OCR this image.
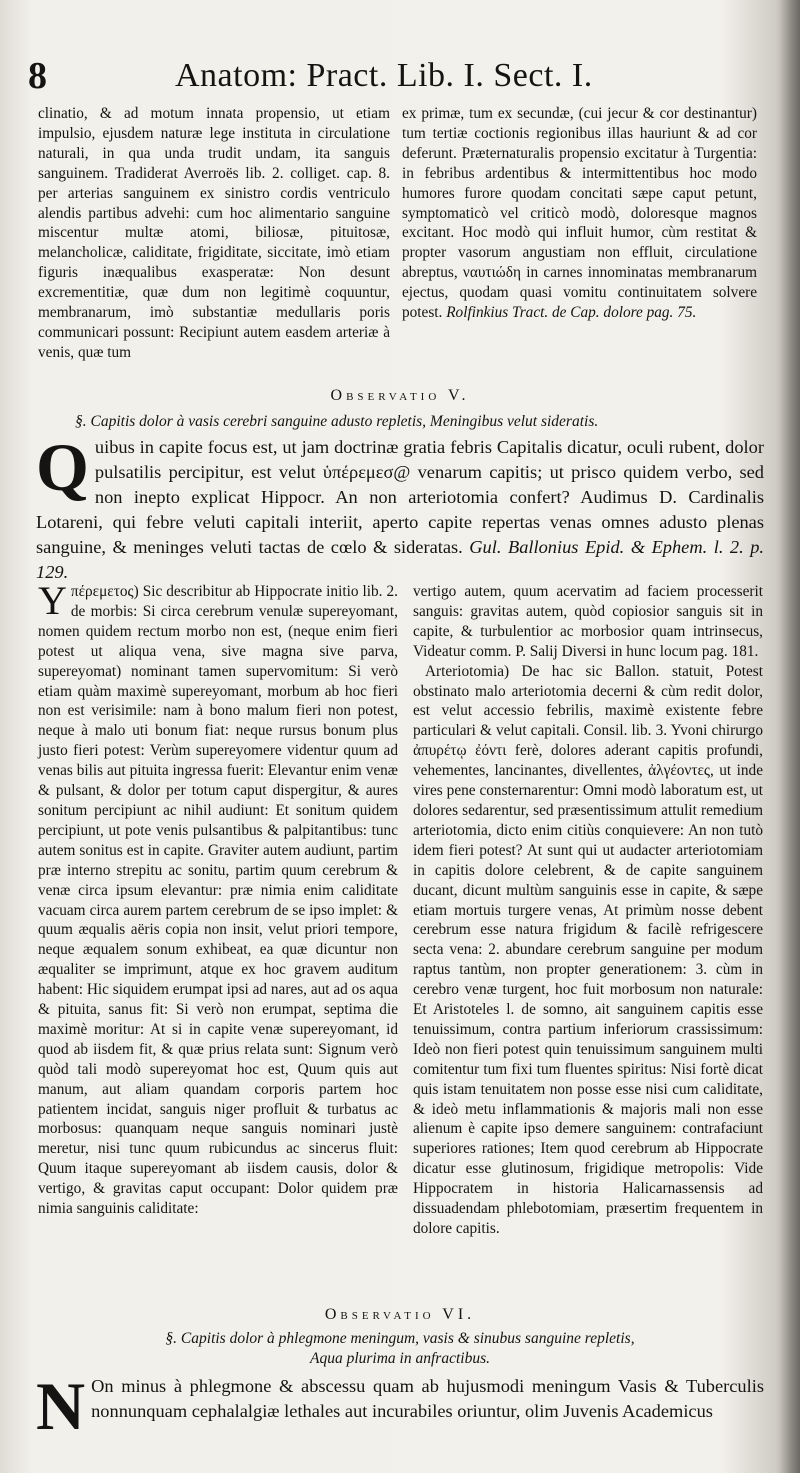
8	Anatom: Pract. Lib. I. Sect. I.

clinatio, & ad motum innata propensio, ut etiam impulsio, ejusdem naturæ lege instituta in circulatione naturali, in qua unda trudit undam, ita sanguis sanguinem. Tradiderat Averroës lib. 2. colliget. cap. 8. per arterias sanguinem ex sinistro cordis ventriculo alendis partibus advehi: cum hoc alimentario sanguine miscentur multæ atomi, biliosæ, pituitosæ, melancholicæ, caliditate, frigiditate, siccitate, imò etiam figuris inæqualibus exasperatæ: Non desunt excrementitiæ, quæ dum non legitimè coquuntur, membranarum, imò substantiæ medullaris poris communicari possunt: Recipiunt autem easdem arteriæ à venis, quæ tum

ex primæ, tum ex secundæ, (cui jecur & cor destinantur) tum tertiæ coctionis regionibus illas hauriunt & ad cor deferunt. Præternaturalis propensio excitatur à Turgentia: in febribus ardentibus & intermittentibus hoc modo humores furore quodam concitati sæpe caput petunt, symptomaticò vel criticò modò, doloresque magnos excitant. Hoc modò qui influit humor, cùm restitat & propter vasorum angustiam non effluit, circulatione abreptus, ναυτιώδη in carnes innominatas membranarum ejectus, quodam quasi vomitu continuitatem solvere potest. Rolfinkius Tract. de Cap. dolore pag. 75.

Observatio V.
§. Capitis dolor à vasis cerebri sanguine adusto repletis, Meningibus velut sideratis.
Quibus in capite focus est, ut jam doctrinæ gratia febris Capitalis dicatur, oculi rubent, dolor pulsatilis percipitur, est velut ὑπέρεμεσ@ venarum capitis; ut prisco quidem verbo, sed non inepto explicat Hippocr. An non arteriotomia confert? Audimus D. Cardinalis Lotareni, qui febre veluti capitali interiit, aperto capite repertas venas omnes adusto plenas sanguine, & meninges veluti tactas de cœlo & sideratas. Gul. Ballonius Epid. & Ephem. l. 2. p. 129.

Yπέρεμετος) Sic describitur ab Hippocrate initio lib. 2. de morbis: Si circa cerebrum venulæ supereyomant, nomen quidem rectum morbo non est, (neque enim fieri potest ut aliqua vena, sive magna sive parva, supereyomat) nominant tamen supervomitum: Si verò etiam quàm maximè supereyomant, morbum ab hoc fieri non est verisimile: nam à bono malum fieri non potest, neque à malo uti bonum fiat: neque rursus bonum plus justo fieri potest: Verùm supereyomere videntur quum ad venas bilis aut pituita ingressa fuerit: Elevantur enim venæ & pulsant, & dolor per totum caput dispergitur, & aures sonitum percipiunt ac nihil audiunt: Et sonitum quidem percipiunt, ut pote venis pulsantibus & palpitantibus: tunc autem sonitus est in capite. Graviter autem audiunt, partim præ interno strepitu ac sonitu, partim quum cerebrum & venæ circa ipsum elevantur: præ nimia enim caliditate vacuam circa aurem partem cerebrum de se ipso implet: & quum æqualis aëris copia non insit, velut priori tempore, neque æqualem sonum exhibeat, ea quæ dicuntur non æqualiter se imprimunt, atque ex hoc gravem auditum habent: Hic siquidem erumpat ipsi ad nares, aut ad os aqua & pituita, sanus fit: Si verò non erumpat, septima die maximè moritur: At si in capite venæ supereyomant, id quod ab iisdem fit, & quæ prius relata sunt: Signum verò quòd tali modò supereyomat hoc est, Quum quis aut manum, aut aliam quandam corporis partem hoc patientem incidat, sanguis niger profluit & turbatus ac morbosus: quanquam neque sanguis nominari justè meretur, nisi tunc quum rubicundus ac sincerus fluit: Quum itaque supereyomant ab iisdem causis, dolor & vertigo, & gravitas caput occupant: Dolor quidem præ nimia sanguinis caliditate:

vertigo autem, quum acervatim ad faciem processerit sanguis: gravitas autem, quòd copiosior sanguis sit in capite, & turbulentior ac morbosior quam intrinsecus, Videatur comm. P. Salij Diversi in hunc locum pag. 181.

Arteriotomia) De hac sic Ballon. statuit, Potest obstinato malo arteriotomia decerni & cùm redit dolor, est velut accessio febrilis, maximè existente febre particulari & velut capitali. Consil. lib. 3. Yvoni chirurgo ἀπυρέτῳ ἐόντι ferè, dolores aderant capitis profundi, vehementes, lancinantes, divellentes, ἀλγέοντες, ut inde vires pene consternarentur: Omni modò laboratum est, ut dolores sedarentur, sed præsentissimum attulit remedium arteriotomia, dicto enim citiùs conquievere: An non tutò idem fieri potest? At sunt qui ut audacter arteriotomiam in capitis dolore celebrent, & de capite sanguinem ducant, dicunt multùm sanguinis esse in capite, & sæpe etiam mortuis turgere venas, At primùm nosse debent cerebrum esse natura frigidum & facilè refrigescere secta vena: 2. abundare cerebrum sanguine per modum raptus tantùm, non propter generationem: 3. cùm in cerebro venæ turgent, hoc fuit morbosum non naturale: Et Aristoteles l. de somno, ait sanguinem capitis esse tenuissimum, contra partium inferiorum crassissimum: Ideò non fieri potest quin tenuissimum sanguinem multi comitentur tum fixi tum fluentes spiritus: Nisi fortè dicat quis istam tenuitatem non posse esse nisi cum caliditate, & ideò metu inflammationis & majoris mali non esse alienum è capite ipso demere sanguinem: contrafaciunt superiores rationes; Item quod cerebrum ab Hippocrate dicatur esse glutinosum, frigidique metropolis: Vide Hippocratem in historia Halicarnassensis ad dissuadendam phlebotomiam, præsertim frequentem in dolore capitis.

Observatio VI.
§. Capitis dolor à phlegmone meningum, vasis & sinubus sanguine repletis,
Aqua plurima in anfractibus.
N On minus à phlegmone & abscessu quam ab hujusmodi meningum Vasis & Tuberculis nonnunquam cephalalgiæ lethales aut incurabiles oriuntur, olim Juvenis Academicus
